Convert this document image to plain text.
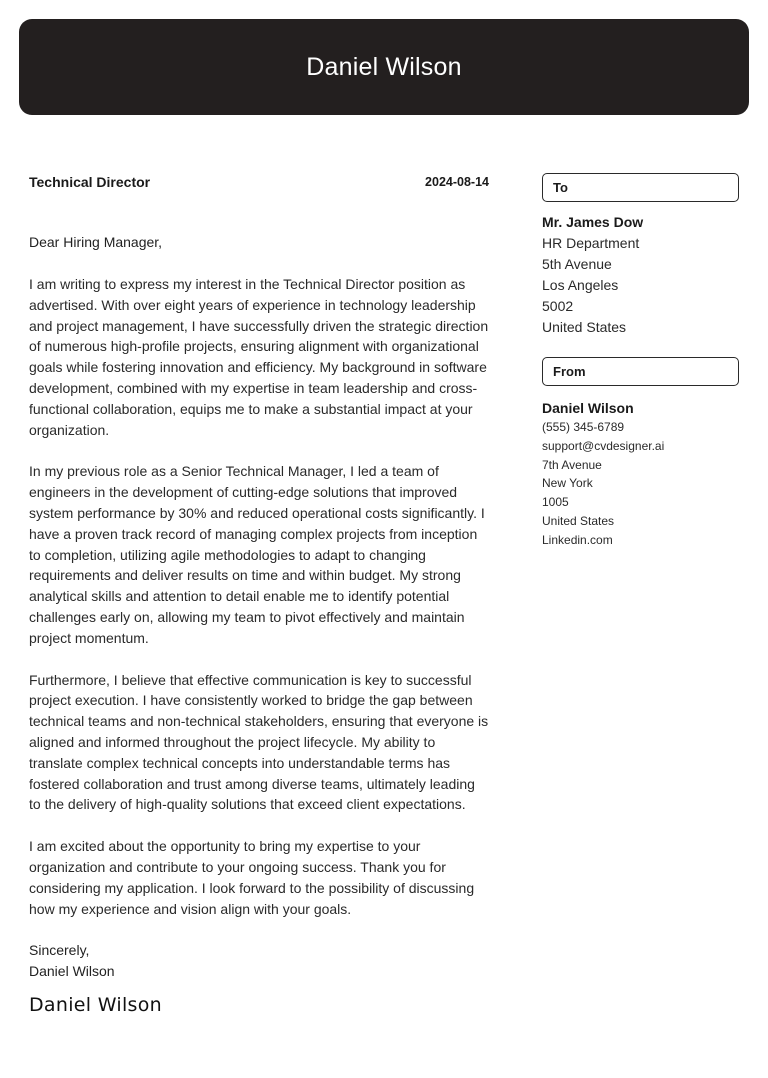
Daniel Wilson
Technical Director	2024-08-14
Dear Hiring Manager,

I am writing to express my interest in the Technical Director position as advertised. With over eight years of experience in technology leadership and project management, I have successfully driven the strategic direction of numerous high-profile projects, ensuring alignment with organizational goals while fostering innovation and efficiency. My background in software development, combined with my expertise in team leadership and cross-functional collaboration, equips me to make a substantial impact at your organization.

In my previous role as a Senior Technical Manager, I led a team of engineers in the development of cutting-edge solutions that improved system performance by 30% and reduced operational costs significantly. I have a proven track record of managing complex projects from inception to completion, utilizing agile methodologies to adapt to changing requirements and deliver results on time and within budget. My strong analytical skills and attention to detail enable me to identify potential challenges early on, allowing my team to pivot effectively and maintain project momentum.

Furthermore, I believe that effective communication is key to successful project execution. I have consistently worked to bridge the gap between technical teams and non-technical stakeholders, ensuring that everyone is aligned and informed throughout the project lifecycle. My ability to translate complex technical concepts into understandable terms has fostered collaboration and trust among diverse teams, ultimately leading to the delivery of high-quality solutions that exceed client expectations.

I am excited about the opportunity to bring my expertise to your organization and contribute to your ongoing success. Thank you for considering my application. I look forward to the possibility of discussing how my experience and vision align with your goals.

Sincerely,
Daniel Wilson
Daniel Wilson
To
Mr. James Dow
HR Department
5th Avenue
Los Angeles
5002
United States
From
Daniel Wilson
(555) 345-6789
support@cvdesigner.ai
7th Avenue
New York
1005
United States
Linkedin.com
